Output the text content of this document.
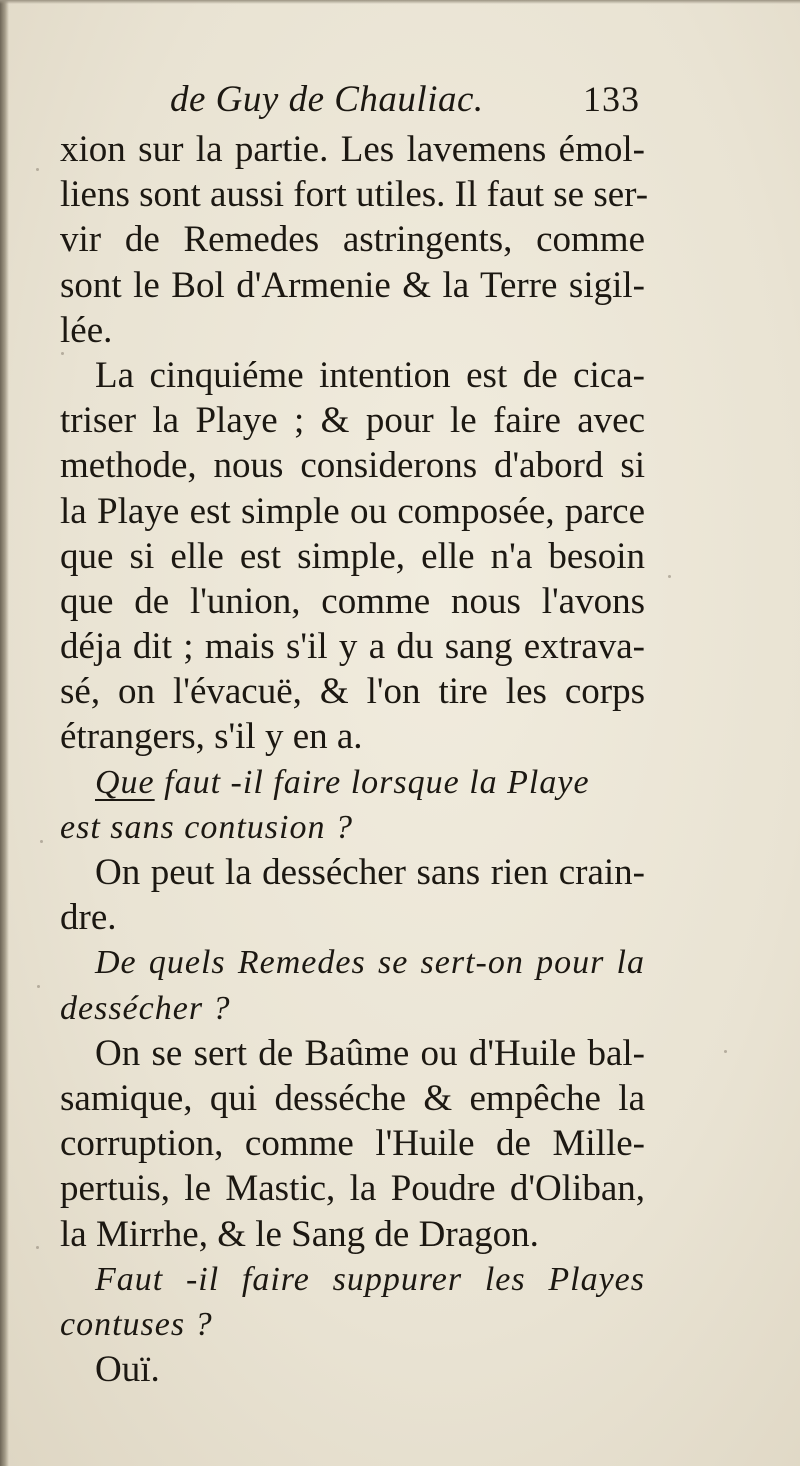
de Guy de Chauliac.	133
xion sur la partie. Les lavemens émol-
liens sont aussi fort utiles. Il faut se ser-
vir de Remedes astringents, comme
sont le Bol d'Armenie & la Terre sigil-
lée.
La cinquiéme intention est de cica-
triser la Playe ; & pour le faire avec
methode, nous considerons d'abord si
la Playe est simple ou composée, parce
que si elle est simple, elle n'a besoin
que de l'union, comme nous l'avons
déja dit ; mais s'il y a du sang extrava-
sé, on l'évacuë, & l'on tire les corps
étrangers, s'il y en a.
Que faut -il faire lorsque la Playe
est sans contusion ?
On peut la dessécher sans rien crain-
dre.
De quels Remedes se sert-on pour la
dessécher ?
On se sert de Baûme ou d'Huile bal-
samique, qui desséche & empêche la
corruption, comme l'Huile de Mille-
pertuis, le Mastic, la Poudre d'Oliban,
la Mirrhe, & le Sang de Dragon.
Faut -il faire suppurer les Playes
contuses ?
Ouï.
